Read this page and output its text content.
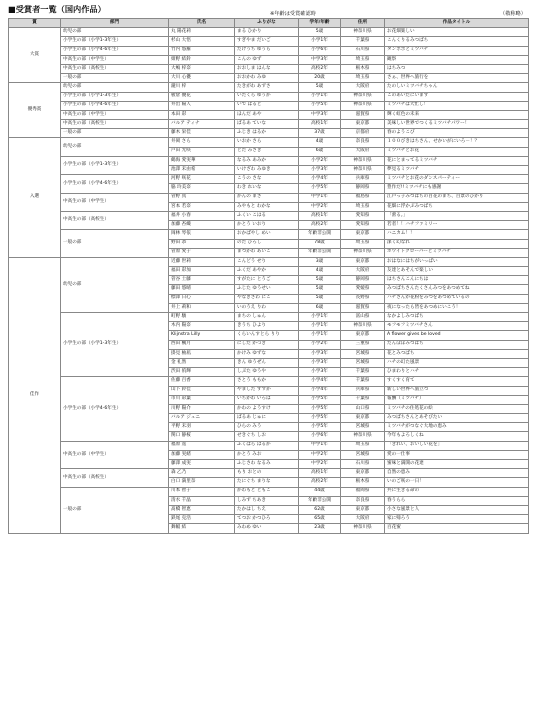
■受賞者一覧（国内作品）	※年齢は受賞確認時	（敬称略）
賞	部門	氏名	ふりがな	学年/年齢	住所	作品タイトル
大賞	幼児の部	丸 陽花莉	まる ひかり	5歳	神奈川県	お花畑楽しい
	小学生の部（小学1-3年生）	杉山 大悟	すぎやま だいご	小学1年	千葉県	こんくりるみつばち
	小学生の部（小学4-6年生）	竹内 悠羅	たけうち ゆうら	小学6年	石川県	タンポポとミツバチ
	中高生の部（中学生）	紺野 結鈴	こんの ゆず	中学3年	埼玉県	観察
	中高生の部（高校生）	大嶋 梓奈	おおしま はんな	高校2年	栃木県	はちみつ
	一般の部	大川 心優	おおかわ みゆ	20歳	埼玉県	さぁ、世界へ旅行を
優秀賞	幼児の部	瀧川 梓	たきがわ あずさ	5歳	大阪府	たのしいミツバチちゃん
	小学生の部（小学1-3年生）	板倉 優花	いたくら ゆうか	小学1年	神奈川県	このあいだにいます
	小学生の部（小学4-6年生）	井出 陽人	いで はると	小学5年	神奈川県	ミツバチは大忙し！
	中高生の部（中学生）	本田 彩	ほんだ あや	中学3年	滋賀県	輝く虹色の未来
	中高生の部（高校生）	バルア ティナ	ばるあ ていな	高校1年	東京都	美味しい世界でつくるミツバチパワー！
	一般の部	藤木 栄佳	ふじき はるか	37歳	京都府	春のようこび
入選	幼児の部	井岡 さら	いおか さら	4歳	奈良県	１００びきはちさん、せかいがにいろ－！？
		戸田 光咲	とだ みさき	6歳	大阪府	ミツバチとお花
	小学生の部（小学1-3年生）	鶴海 愛実華	なるみ あみか	小学2年	神奈川県	花にとまってるミツバチ
		池澤 未由希	いけざわ みゆき	小学3年	神奈川県	夢見るミツバチ
	小学生の部（小学4-6年生）	河野 咲花	こうの さな	小学4年	兵庫県	ミツバチとお花のダンスパーティー
		脇 玲美奈	わき れいな	小学5年	静岡県	豊作だ!!ミツバチにも感謝
	中高生の部（中学生）	菅野 真	かんの まさ	中学1年	福島県	江戸っ子みつばちの百花のまち、百景のひかり
		宮本 若奈	みやもと わかな	中学2年	埼玉県	花畑に浮かぶみつばち
	中高生の部（高校生）	福井 小春	ふくい こはる	高校1年	愛知県	「蕾る。」
		加藤 杏織	かとう いおり	高校2年	愛知県	若者！！ハチファミリー
	一般の部	岡林 琴依	おかばやし めい	年齢非公開	東京都	ハニカム！！
		野田 恭	のだ ひろし	78歳	埼玉県	深く幻なれ
		菅原 愛子	まつかわ あいこ	年齢非公開	神奈川県	ホワイトクローバーとミツバチ
佳作	幼児の部	近藤 世莉	こんどう せり	3歳	東京都	おはなにはちがいっぱい
		福田 彩加	ふくだ あやか	4歳	大阪府	友達とあそんで楽しい
		菅谷 土藤	すがたに とうご	5歳	静岡県	はちさんこんにちは
		藤田 悠晴	ふじた ゆうせい	5歳	愛媛県	みつばちさんたくさんみつをあつめてね
		標澤 日心	やなぎさわ にこ	5歳	長野県	ハチさんが花粉をみつをあつめているの
		井上 莉和	いのうえ りわ	6歳	滋賀県	夜になったら皆をあつめにいこう！
	小学生の部（小学1-3年生）	町野 駿	まちの しゅん	小学1年	富山県	なかよしみつばち
		木内 陽奈	きうち ひより	小学1年	神奈川県	モフモフミツバチさん
		Klijnstra Lilly	くらいんすとら りり	小学1年	東京都	A flower gives be loved
		西田 楓月	にしだ かづき	小学2年	三重県	たんぽぽみつばち
		掛見 柚凪	かけみ ゆずな	小学3年	宮城県	花とみつばち
		金 礼然	きん ゆうぜん	小学3年	宮城県	ハチの幻た風景
		渋田 侑輝	しぶた ゆうや	小学3年	千葉県	ひまわりとハチ
	小学生の部（小学4-6年生）	佐藤 百香	さとう ももか	小学4年	千葉県	すくすく育て
		山下 鈴佳	やました すずか	小学4年	兵庫県	新しい世界へ旅立つ
		市川 彩葉	いちかわ いろは	小学5年	千葉県	報酬（ミツバチ）
		川野 陽介	かわの ようすけ	小学5年	山口県	ミツバチの住処花の絵
		バルア ジュニ	ばるあ じゅに	小学5年	東京都	みつばちさんとあそびたい
		平野 未羽	ひらの みう	小学5年	宮城県	ミツバチがつなぐ大地の恵み
		関口 静桜	せきぐち しお	小学6年	神奈川県	今年もよろしくね
	中高生の部（中学生）	福原 遥	ふくはら はるか	中学1年	埼玉県	「きれい、おいしい花を」
		加藤 実緒	かとう みお	中学2年	宮城県	愛の一仕事
		藤澤 成実	ふじさわ なるみ	中学2年	石川県	蜜味と満開の花達
	中高生の部（高校生）	森 乙乃	もり おとの	高校1年	東京都	自然の恵み
		白口 満里奈	たにぐち まりな	高校2年	栃木県	いのご咲の一日！
	一般の部	川本 智子	かわもと ともこ	44歳	福岡県	共に生きる命の
		清水 千晶	しみず ちあき	年齢非公開	奈良県	春うらら
		髙橋 智恵	たかはし ちえ	62歳	東京都	小さな風景と人
		鉄尾 克浩	てつお かつひろ	65歳	大阪府	家に帰ろう
		舞幅 結	みわめ ゆい	23歳	神奈川県	百花蜜
